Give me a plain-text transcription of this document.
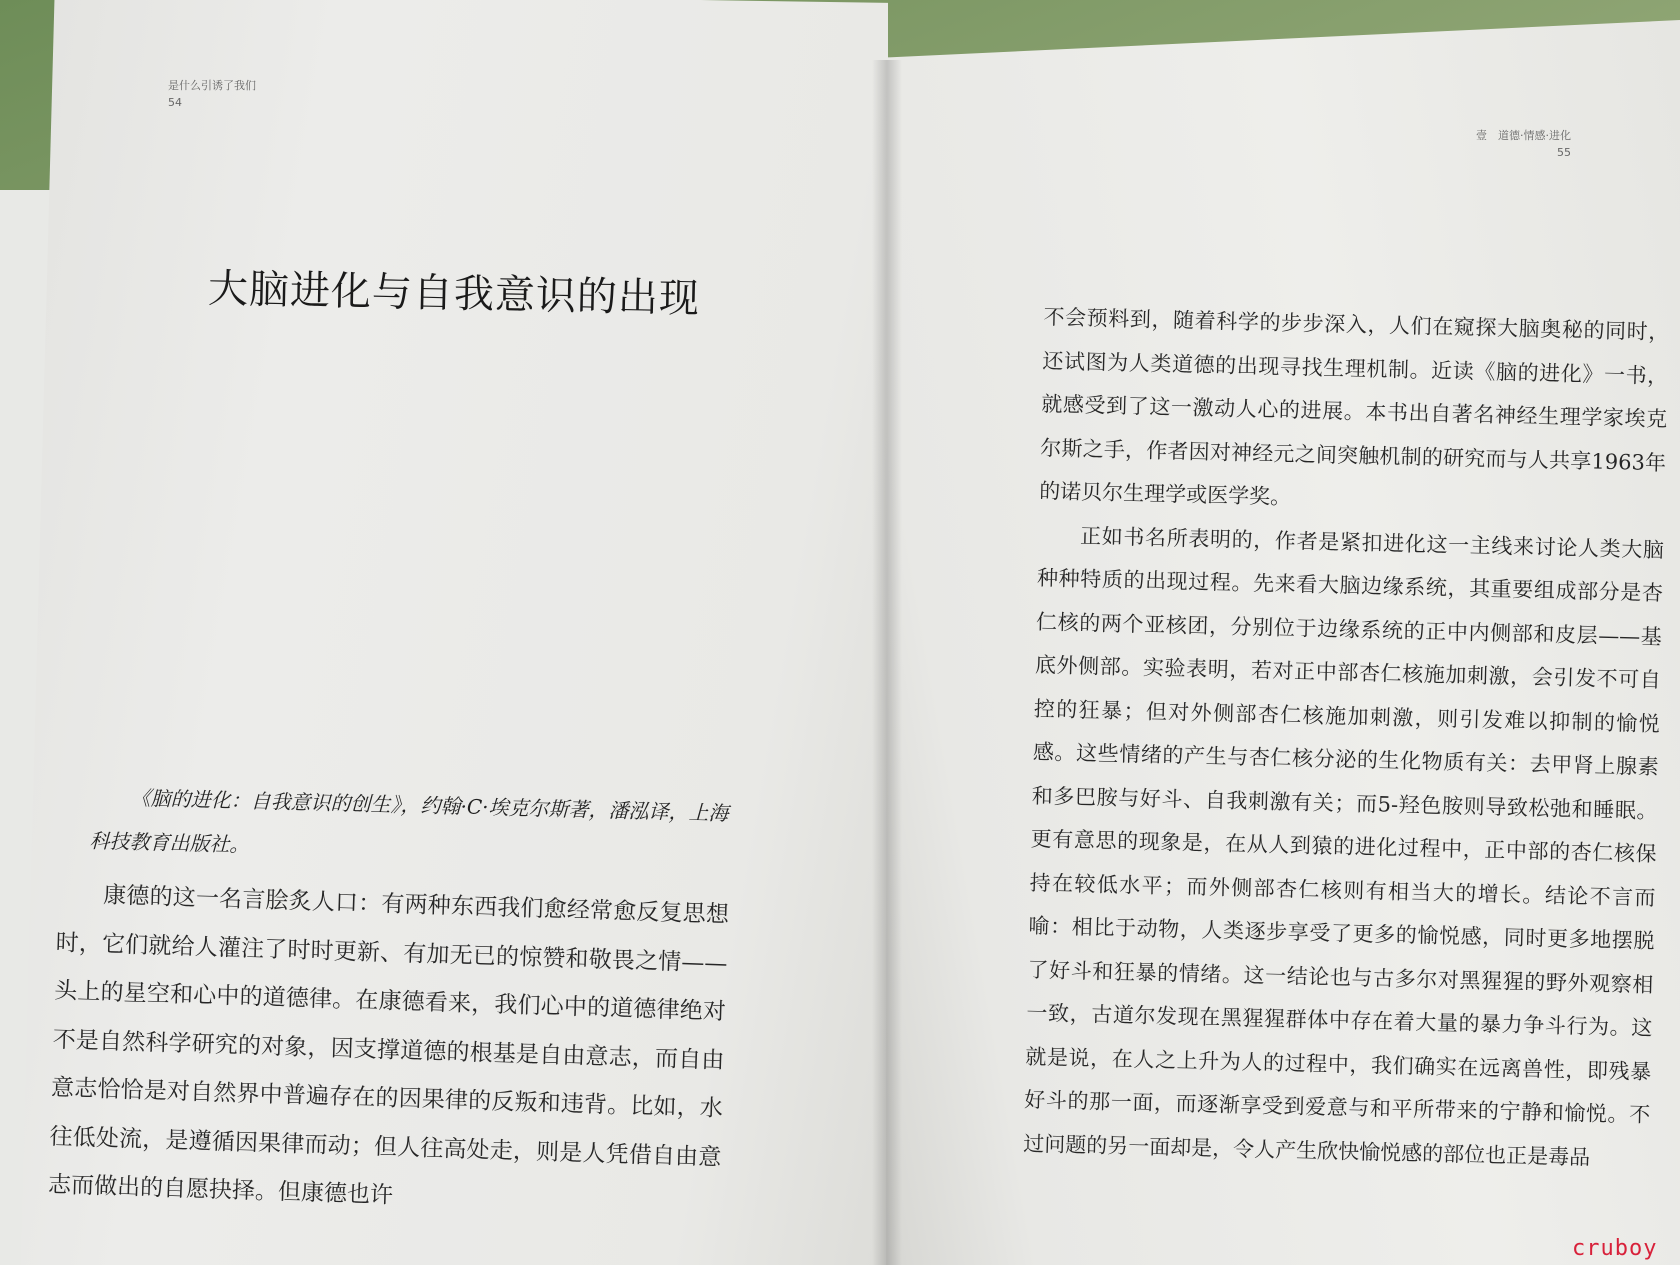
是什么引诱了我们
54
大脑进化与自我意识的出现
《脑的进化：自我意识的创生》，约翰·C·埃克尔斯著，潘泓译，上海科技教育出版社。

康德的这一名言脍炙人口：有两种东西我们愈经常愈反复思想时，它们就给人灌注了时时更新、有加无已的惊赞和敬畏之情——头上的星空和心中的道德律。在康德看来，我们心中的道德律绝对不是自然科学研究的对象，因支撑道德的根基是自由意志，而自由意志恰恰是对自然界中普遍存在的因果律的反叛和违背。比如，水往低处流，是遵循因果律而动；但人往高处走，则是人凭借自由意志而做出的自愿抉择。但康德也许

壹　道德·情感·进化
55

不会预料到，随着科学的步步深入，人们在窥探大脑奥秘的同时，还试图为人类道德的出现寻找生理机制。近读《脑的进化》一书，就感受到了这一激动人心的进展。本书出自著名神经生理学家埃克尔斯之手，作者因对神经元之间突触机制的研究而与人共享1963年的诺贝尔生理学或医学奖。

正如书名所表明的，作者是紧扣进化这一主线来讨论人类大脑种种特质的出现过程。先来看大脑边缘系统，其重要组成部分是杏仁核的两个亚核团，分别位于边缘系统的正中内侧部和皮层——基底外侧部。实验表明，若对正中部杏仁核施加刺激，会引发不可自控的狂暴；但对外侧部杏仁核施加刺激，则引发难以抑制的愉悦感。这些情绪的产生与杏仁核分泌的生化物质有关：去甲肾上腺素和多巴胺与好斗、自我刺激有关；而5-羟色胺则导致松弛和睡眠。更有意思的现象是，在从人到猿的进化过程中，正中部的杏仁核保持在较低水平；而外侧部杏仁核则有相当大的增长。结论不言而喻：相比于动物，人类逐步享受了更多的愉悦感，同时更多地摆脱了好斗和狂暴的情绪。这一结论也与古多尔对黑猩猩的野外观察相一致，古道尔发现在黑猩猩群体中存在着大量的暴力争斗行为。这就是说，在人之上升为人的过程中，我们确实在远离兽性，即残暴好斗的那一面，而逐渐享受到爱意与和平所带来的宁静和愉悦。不过问题的另一面却是，令人产生欣快愉悦感的部位也正是毒品

cruboy
